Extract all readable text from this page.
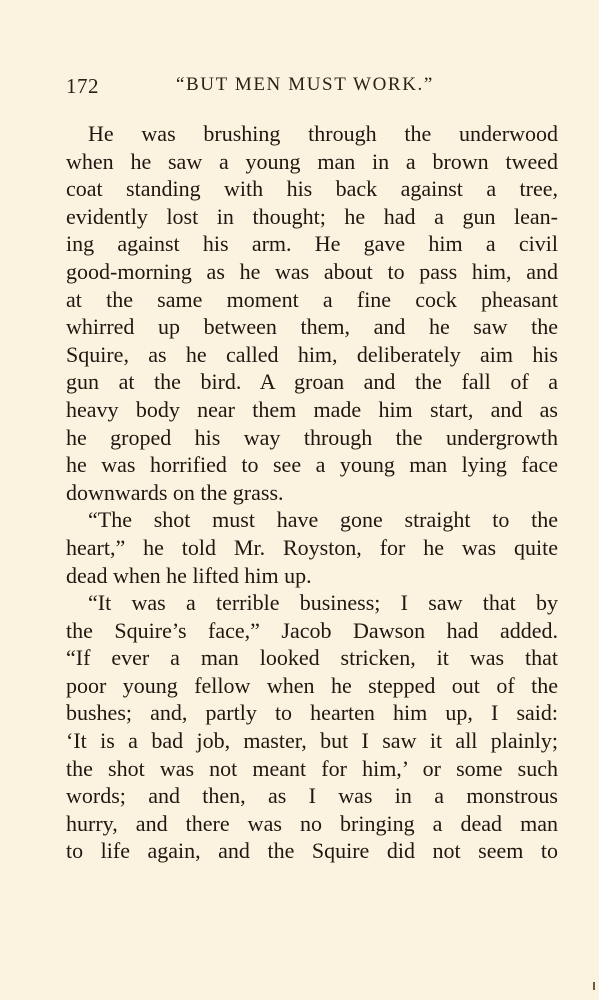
172	“BUT MEN MUST WORK.”
He was brushing through the underwood
when he saw a young man in a brown tweed
coat standing with his back against a tree,
evidently lost in thought; he had a gun lean-
ing against his arm. He gave him a civil
good-morning as he was about to pass him, and
at the same moment a fine cock pheasant
whirred up between them, and he saw the
Squire, as he called him, deliberately aim his
gun at the bird. A groan and the fall of a
heavy body near them made him start, and as
he groped his way through the undergrowth
he was horrified to see a young man lying face
downwards on the grass.
“The shot must have gone straight to the
heart,” he told Mr. Royston, for he was quite
dead when he lifted him up.
“It was a terrible business; I saw that by
the Squire’s face,” Jacob Dawson had added.
“If ever a man looked stricken, it was that
poor young fellow when he stepped out of the
bushes; and, partly to hearten him up, I said:
‘It is a bad job, master, but I saw it all plainly;
the shot was not meant for him,’ or some such
words; and then, as I was in a monstrous
hurry, and there was no bringing a dead man
to life again, and the Squire did not seem to
